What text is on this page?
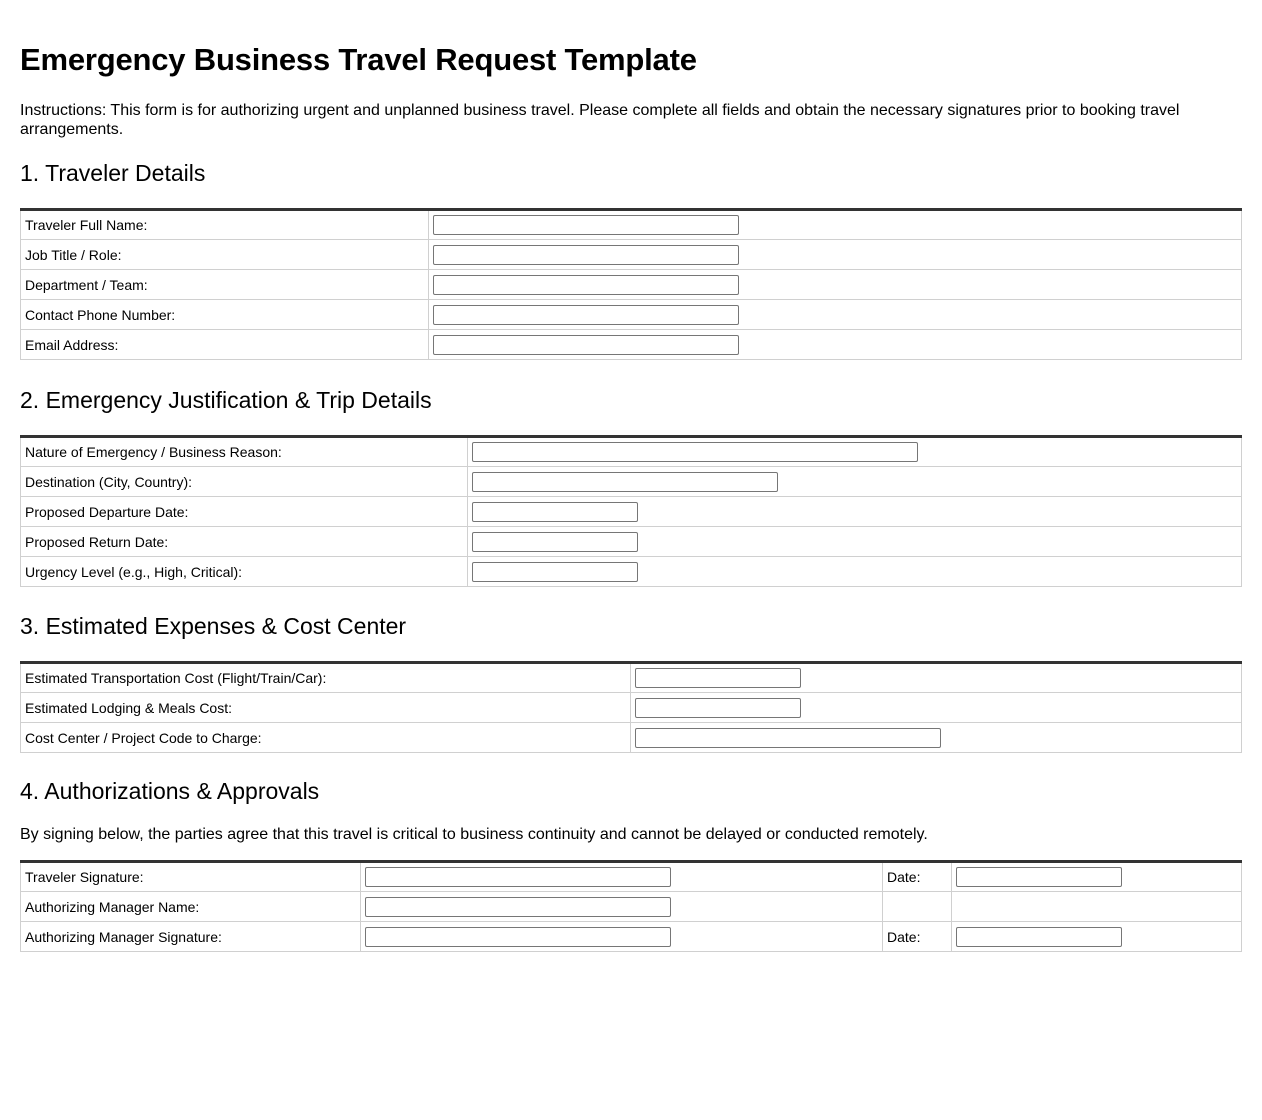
Emergency Business Travel Request Template

Instructions: This form is for authorizing urgent and unplanned business travel. Please complete all fields and obtain the necessary signatures prior to booking travel arrangements.

1. Traveler Details
Traveler Full Name:	

Job Title / Role:	

Department / Team:	

Contact Phone Number:	

Email Address:	
2. Emergency Justification & Trip Details
Nature of Emergency / Business Reason:	

Destination (City, Country):	

Proposed Departure Date:	

Proposed Return Date:	

Urgency Level (e.g., High, Critical):	
3. Estimated Expenses & Cost Center
Estimated Transportation Cost (Flight/Train/Car):	

Estimated Lodging & Meals Cost:	

Cost Center / Project Code to Charge:	
4. Authorizations & Approvals

By signing below, the parties agree that this travel is critical to business continuity and cannot be delayed or conducted remotely.

Traveler Signature:		Date:	

Authorizing Manager Name:	

Authorizing Manager Signature:		Date:	
